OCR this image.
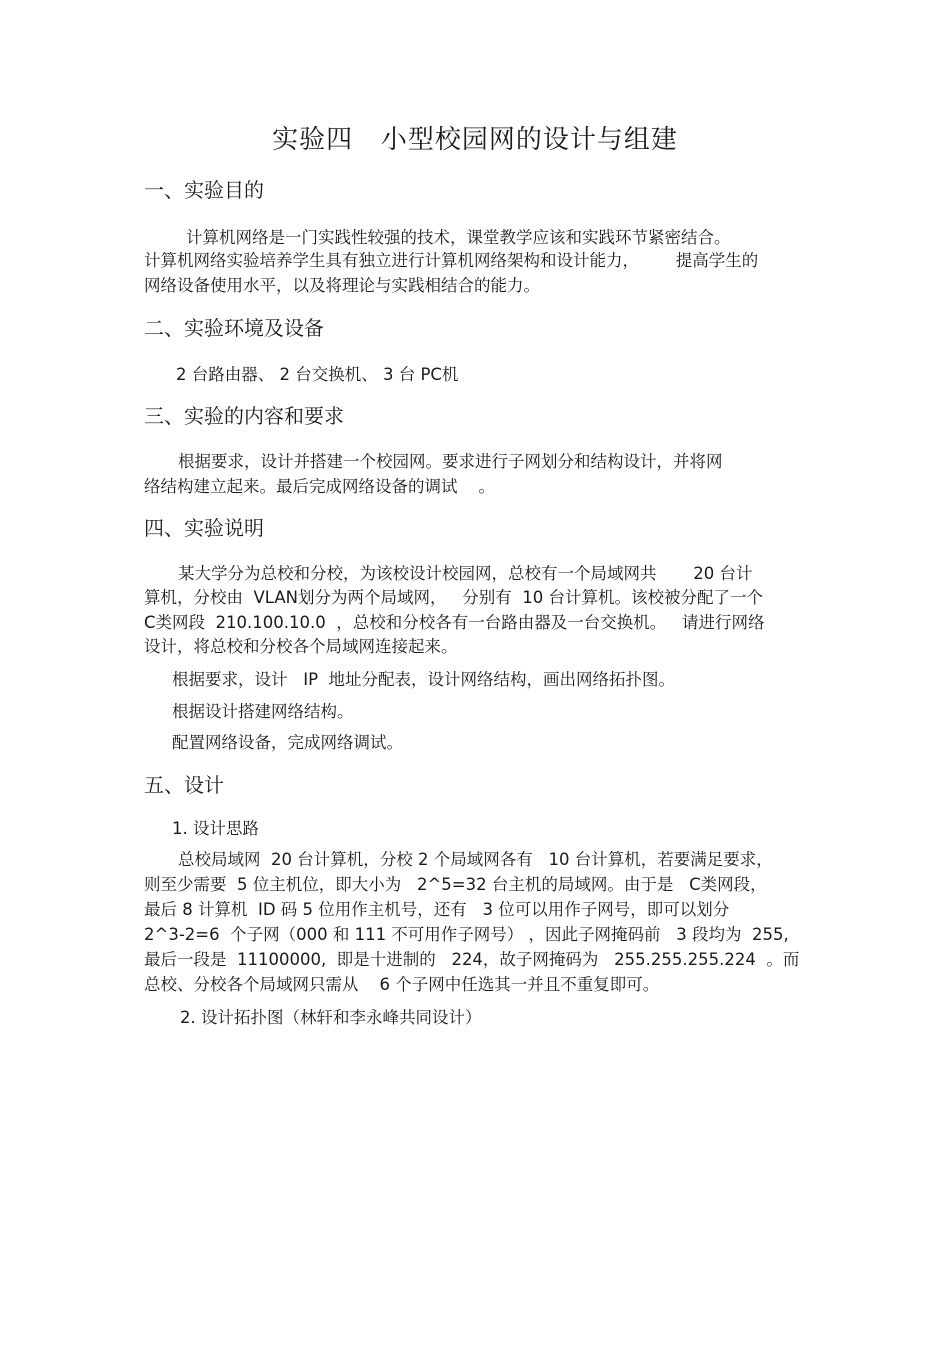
实验四   小型校园网的设计与组建
一、实验目的
计算机网络是一门实践性较强的技术，课堂教学应该和实践环节紧密结合。
计算机网络实验培养学生具有独立进行计算机网络架构和设计能力，       提高学生的
网络设备使用水平，以及将理论与实践相结合的能力。
二、实验环境及设备
2 台路由器、 2 台交换机、 3 台 PC机
三、实验的内容和要求
根据要求，设计并搭建一个校园网。要求进行子网划分和结构设计，并将网
络结构建立起来。最后完成网络设备的调试    。
四、实验说明
某大学分为总校和分校，为该校设计校园网，总校有一个局域网共       20 台计
算机，分校由  VLAN划分为两个局域网，   分别有  10 台计算机。该校被分配了一个
C类网段  210.100.10.0  ，总校和分校各有一台路由器及一台交换机。   请进行网络
设计，将总校和分校各个局域网连接起来。
根据要求，设计   IP  地址分配表，设计网络结构，画出网络拓扑图。
根据设计搭建网络结构。
配置网络设备，完成网络调试。
五、设计
1. 设计思路
总校局域网  20 台计算机，分校 2 个局域网各有   10 台计算机，若要满足要求，
则至少需要  5 位主机位，即大小为   2^5=32 台主机的局域网。由于是   C类网段，
最后 8 计算机  ID 码 5 位用作主机号，还有   3 位可以用作子网号，即可以划分
2^3-2=6  个子网（000 和 111 不可用作子网号） ，因此子网掩码前   3 段均为  255,
最后一段是  11100000,  即是十进制的   224，故子网掩码为   255.255.255.224  。而
总校、分校各个局域网只需从    6 个子网中任选其一并且不重复即可。
2. 设计拓扑图（林轩和李永峰共同设计）
